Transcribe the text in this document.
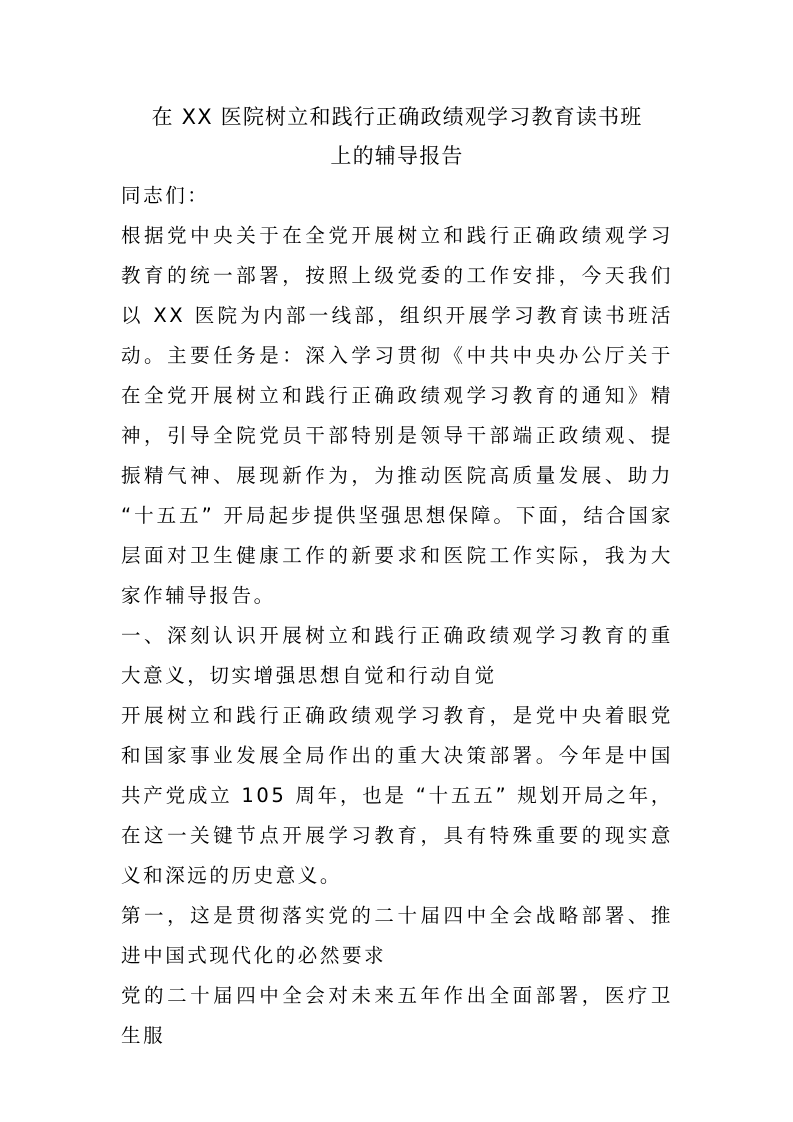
在 XX 医院树立和践行正确政绩观学习教育读书班
上的辅导报告

同志们：

根据党中央关于在全党开展树立和践行正确政绩观学习教育的统一部署，按照上级党委的工作安排，今天我们以 XX 医院为内部一线部，组织开展学习教育读书班活动。主要任务是：深入学习贯彻《中共中央办公厅关于在全党开展树立和践行正确政绩观学习教育的通知》精神，引导全院党员干部特别是领导干部端正政绩观、提振精气神、展现新作为，为推动医院高质量发展、助力 “十五五” 开局起步提供坚强思想保障。下面，结合国家层面对卫生健康工作的新要求和医院工作实际，我为大家作辅导报告。

一、深刻认识开展树立和践行正确政绩观学习教育的重大意义，切实增强思想自觉和行动自觉

开展树立和践行正确政绩观学习教育，是党中央着眼党和国家事业发展全局作出的重大决策部署。今年是中国共产党成立 105 周年，也是 “十五五” 规划开局之年，在这一关键节点开展学习教育，具有特殊重要的现实意义和深远的历史意义。

第一，这是贯彻落实党的二十届四中全会战略部署、推进中国式现代化的必然要求

党的二十届四中全会对未来五年作出全面部署，医疗卫生服
